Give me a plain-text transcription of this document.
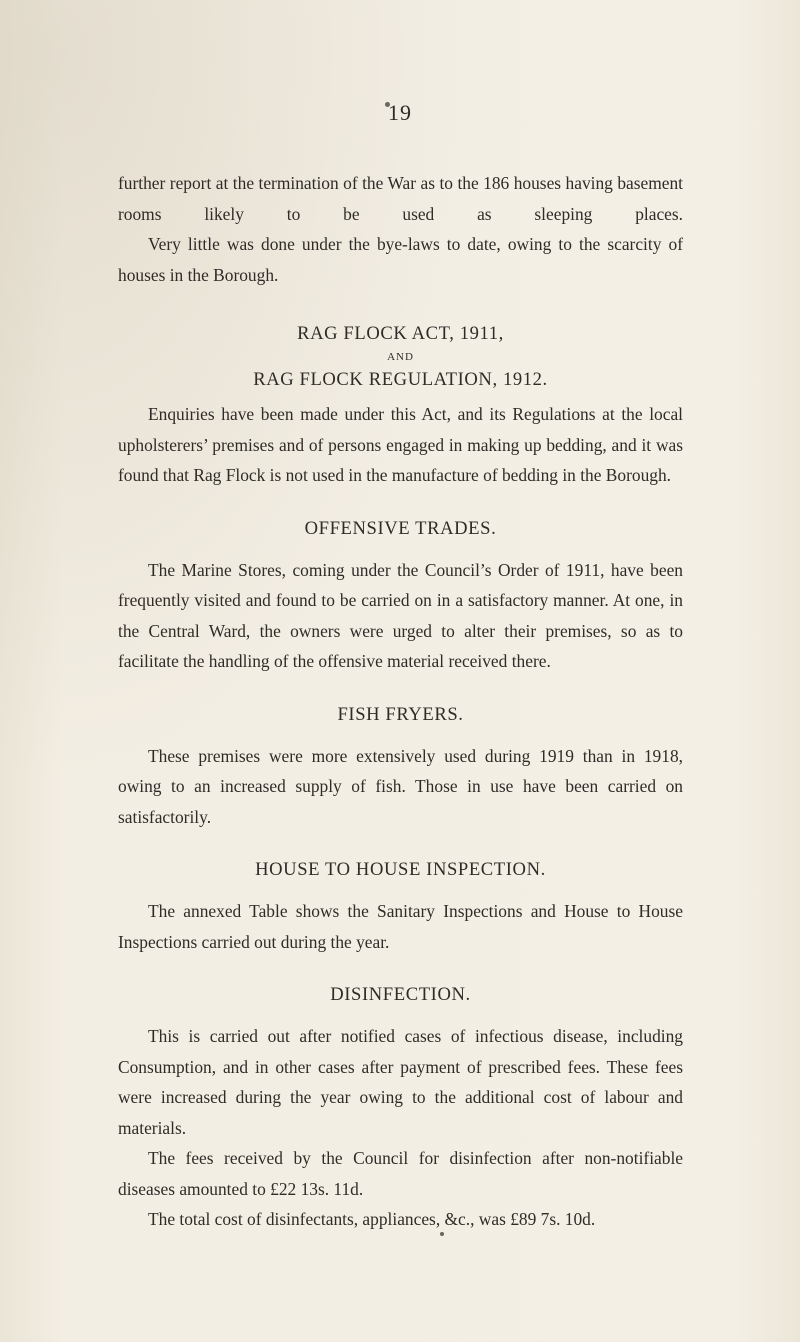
19

further report at the termination of the War as to the 186 houses having basement rooms likely to be used as sleeping places.

Very little was done under the bye-laws to date, owing to the scarcity of houses in the Borough.

RAG FLOCK ACT, 1911,
AND
RAG FLOCK REGULATION, 1912.

Enquiries have been made under this Act, and its Regulations at the local upholsterers’ premises and of persons engaged in making up bedding, and it was found that Rag Flock is not used in the manufacture of bedding in the Borough.

OFFENSIVE TRADES.

The Marine Stores, coming under the Council’s Order of 1911, have been frequently visited and found to be carried on in a satisfactory manner. At one, in the Central Ward, the owners were urged to alter their premises, so as to facilitate the handling of the offensive material received there.

FISH FRYERS.

These premises were more extensively used during 1919 than in 1918, owing to an increased supply of fish. Those in use have been carried on satisfactorily.

HOUSE TO HOUSE INSPECTION.

The annexed Table shows the Sanitary Inspections and House to House Inspections carried out during the year.

DISINFECTION.

This is carried out after notified cases of infectious disease, including Consumption, and in other cases after payment of prescribed fees. These fees were increased during the year owing to the additional cost of labour and materials.

The fees received by the Council for disinfection after non-notifiable diseases amounted to £22 13s. 11d.

The total cost of disinfectants, appliances, &c., was £89 7s. 10d.
